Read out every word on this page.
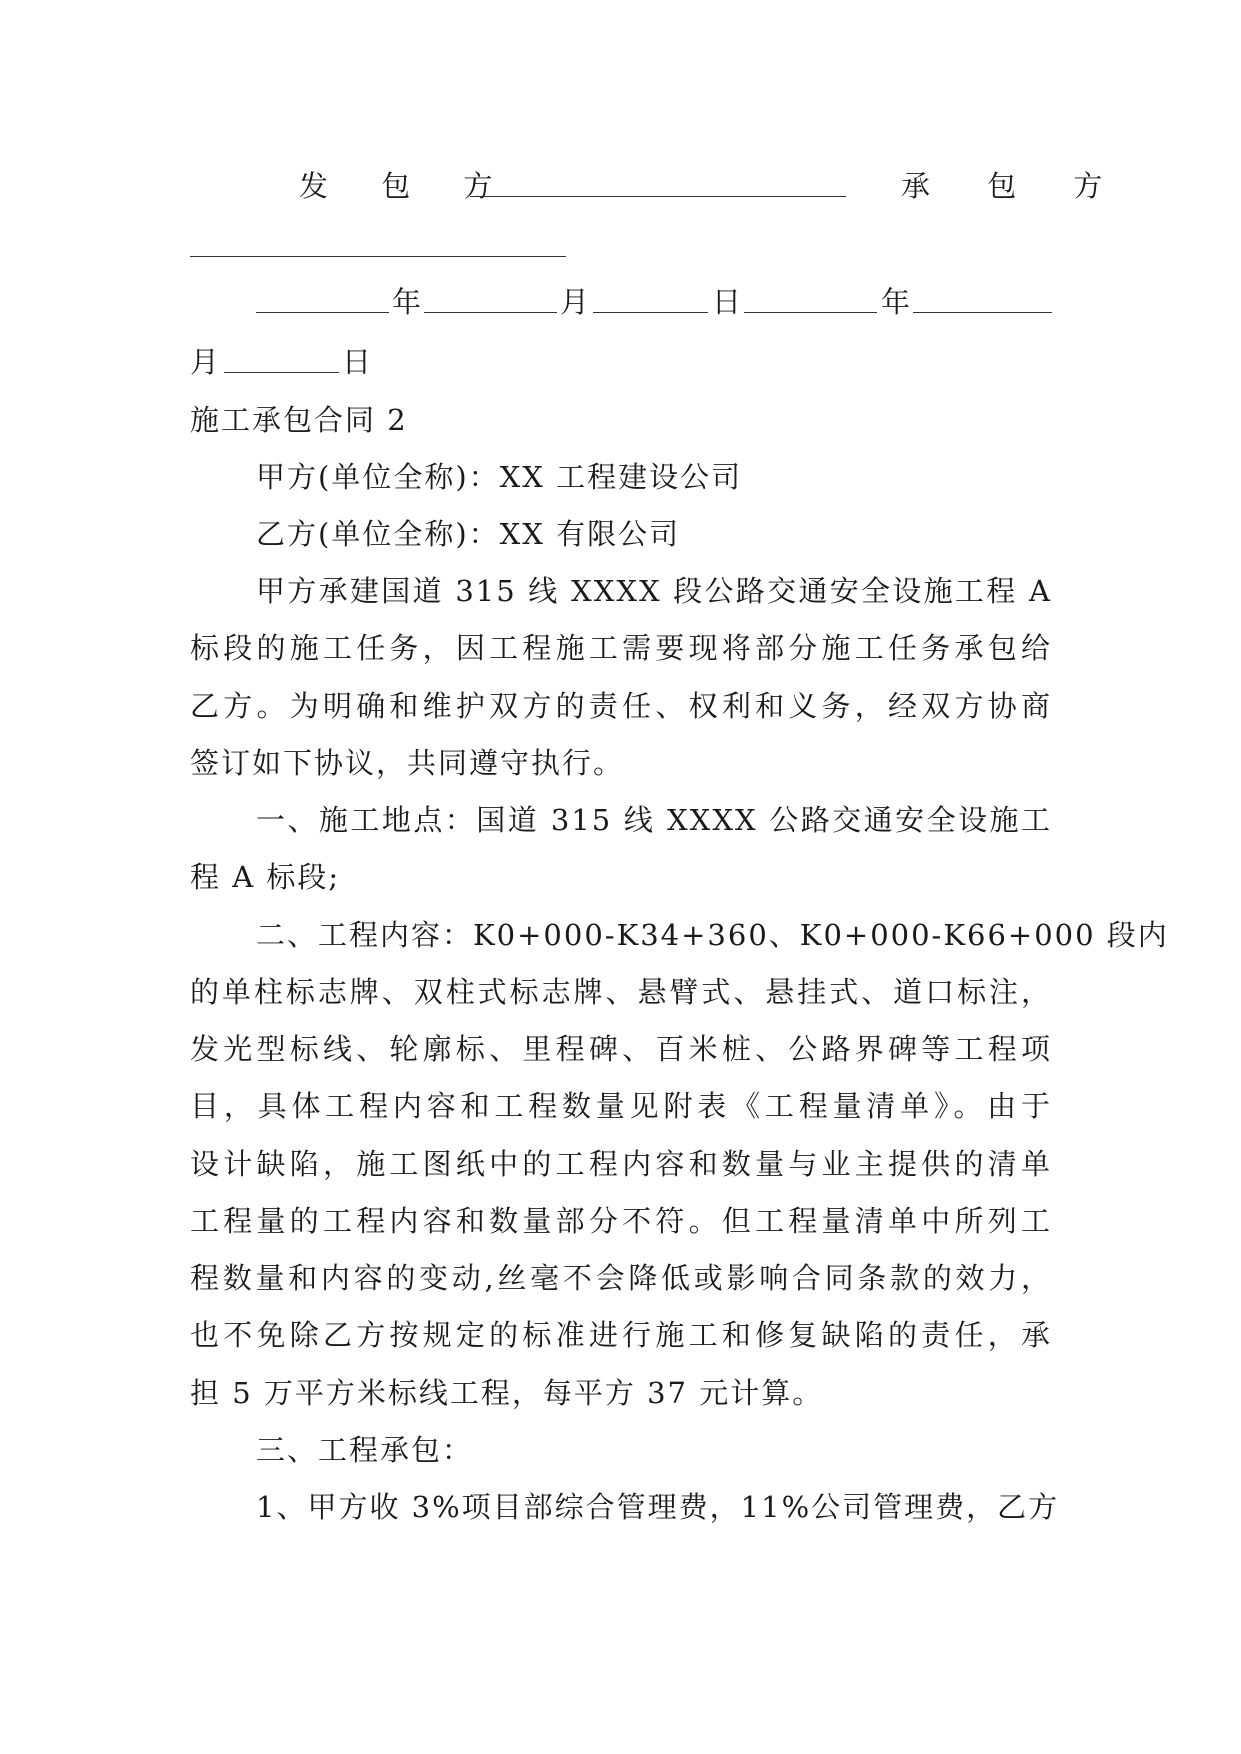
发 包 方	承 包 方
年	月	日	年
月	日
施工承包合同 2
甲方(单位全称)：XX 工程建设公司
乙方(单位全称)：XX 有限公司
甲方承建国道 315 线 XXXX 段公路交通安全设施工程 A
标段的施工任务，因工程施工需要现将部分施工任务承包给
乙方。为明确和维护双方的责任、权利和义务，经双方协商
签订如下协议，共同遵守执行。
一、施工地点：国道 315 线 XXXX 公路交通安全设施工
程 A 标段;
二、工程内容：K0+000-K34+360、K0+000-K66+000 段内
的单柱标志牌、双柱式标志牌、悬臂式、悬挂式、道口标注，
发光型标线、轮廓标、里程碑、百米桩、公路界碑等工程项
目，具体工程内容和工程数量见附表《工程量清单》。由于
设计缺陷，施工图纸中的工程内容和数量与业主提供的清单
工程量的工程内容和数量部分不符。但工程量清单中所列工
程数量和内容的变动,丝毫不会降低或影响合同条款的效力，
也不免除乙方按规定的标准进行施工和修复缺陷的责任，承
担 5 万平方米标线工程，每平方 37 元计算。
三、工程承包：
1、甲方收 3%项目部综合管理费，11%公司管理费，乙方
